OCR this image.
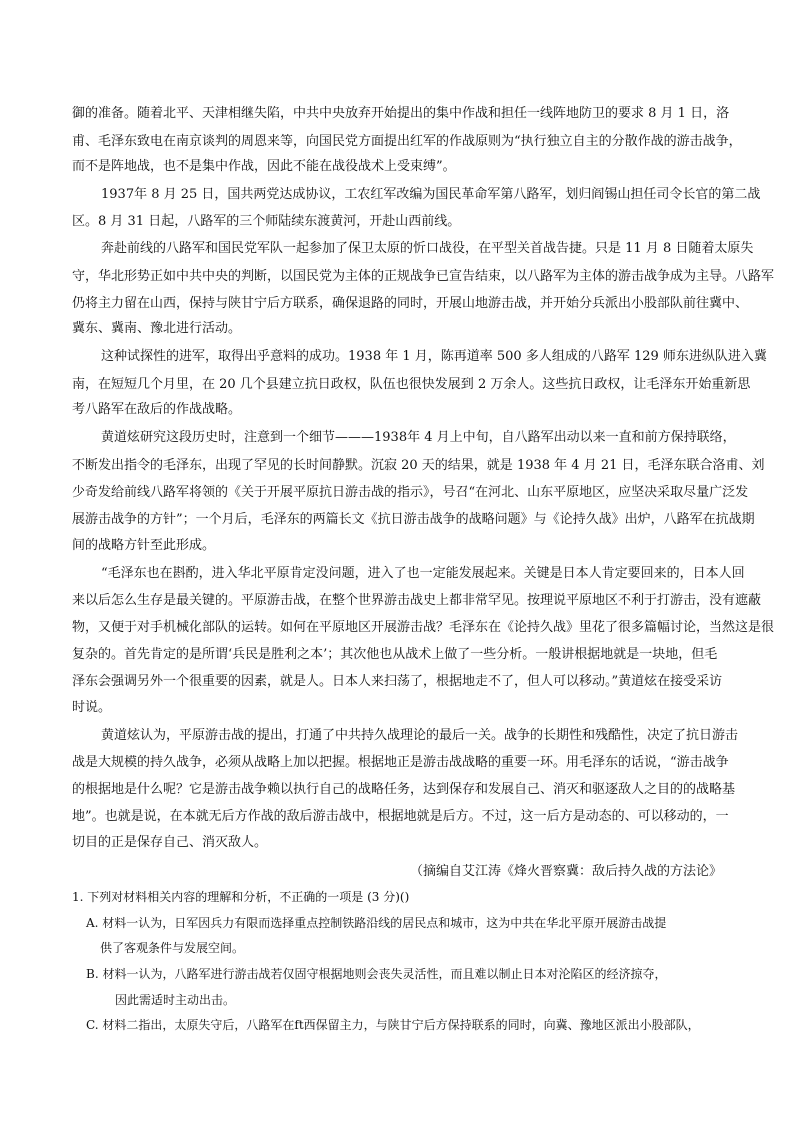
御的准备。随着北平、天津相继失陷，中共中央放弃开始提出的集中作战和担任一线阵地防卫的要求 8 月 1 日，洛
甫、毛泽东致电在南京谈判的周恩来等，向国民党方面提出红军的作战原则为“执行独立自主的分散作战的游击战争，
而不是阵地战，也不是集中作战，因此不能在战役战术上受束缚”。
1937年 8 月 25 日，国共两党达成协议，工农红军改编为国民革命军第八路军，划归阎锡山担任司令长官的第二战
区。8 月 31 日起，八路军的三个师陆续东渡黄河，开赴山西前线。
奔赴前线的八路军和国民党军队一起参加了保卫太原的忻口战役，在平型关首战告捷。只是 11 月 8 日随着太原失
守，华北形势正如中共中央的判断，以国民党为主体的正规战争已宣告结束，以八路军为主体的游击战争成为主导。八路军
仍将主力留在山西，保持与陕甘宁后方联系，确保退路的同时，开展山地游击战，并开始分兵派出小股部队前往冀中、
冀东、冀南、豫北进行活动。
这种试探性的进军，取得出乎意料的成功。1938 年 1 月，陈再道率 500 多人组成的八路军 129 师东进纵队进入冀
南，在短短几个月里，在 20 几个县建立抗日政权，队伍也很快发展到 2 万余人。这些抗日政权，让毛泽东开始重新思
考八路军在敌后的作战战略。
黄道炫研究这段历史时，注意到一个细节———1938年 4 月上中旬，自八路军出动以来一直和前方保持联络，
不断发出指令的毛泽东，出现了罕见的长时间静默。沉寂 20 天的结果，就是 1938 年 4 月 21 日，毛泽东联合洛甫、刘
少奇发给前线八路军将领的《关于开展平原抗日游击战的指示》，号召“在河北、山东平原地区，应坚决采取尽量广泛发
展游击战争的方针”；一个月后，毛泽东的两篇长文《抗日游击战争的战略问题》与《论持久战》出炉，八路军在抗战期
间的战略方针至此形成。
“毛泽东也在斟酌，进入华北平原肯定没问题，进入了也一定能发展起来。关键是日本人肯定要回来的，日本人回
来以后怎么生存是最关键的。平原游击战，在整个世界游击战史上都非常罕见。按理说平原地区不利于打游击，没有遮蔽
物，又便于对手机械化部队的运转。如何在平原地区开展游击战？毛泽东在《论持久战》里花了很多篇幅讨论，当然这是很
复杂的。首先肯定的是所谓‘兵民是胜利之本’；其次他也从战术上做了一些分析。一般讲根据地就是一块地，但毛
泽东会强调另外一个很重要的因素，就是人。日本人来扫荡了，根据地走不了，但人可以移动。”黄道炫在接受采访
时说。
黄道炫认为，平原游击战的提出，打通了中共持久战理论的最后一关。战争的长期性和残酷性，决定了抗日游击
战是大规模的持久战争，必须从战略上加以把握。根据地正是游击战战略的重要一环。用毛泽东的话说，“游击战争
的根据地是什么呢？它是游击战争赖以执行自己的战略任务，达到保存和发展自己、消灭和驱逐敌人之目的的战略基
地”。也就是说，在本就无后方作战的敌后游击战中，根据地就是后方。不过，这一后方是动态的、可以移动的，一
切目的正是保存自己、消灭敌人。
（摘编自艾江涛《烽火晋察冀：敌后持久战的方法论》
1. 下列对材料相关内容的理解和分析，不正确的一项是 (3 分)()
A. 材料一认为，日军因兵力有限而选择重点控制铁路沿线的居民点和城市，这为中共在华北平原开展游击战提
供了客观条件与发展空间。
B. 材料一认为，八路军进行游击战若仅固守根据地则会丧失灵活性，而且难以制止日本对沦陷区的经济掠夺，
因此需适时主动出击。
C. 材料二指出，太原失守后，八路军在ft西保留主力，与陕甘宁后方保持联系的同时，向冀、豫地区派出小股部队，
